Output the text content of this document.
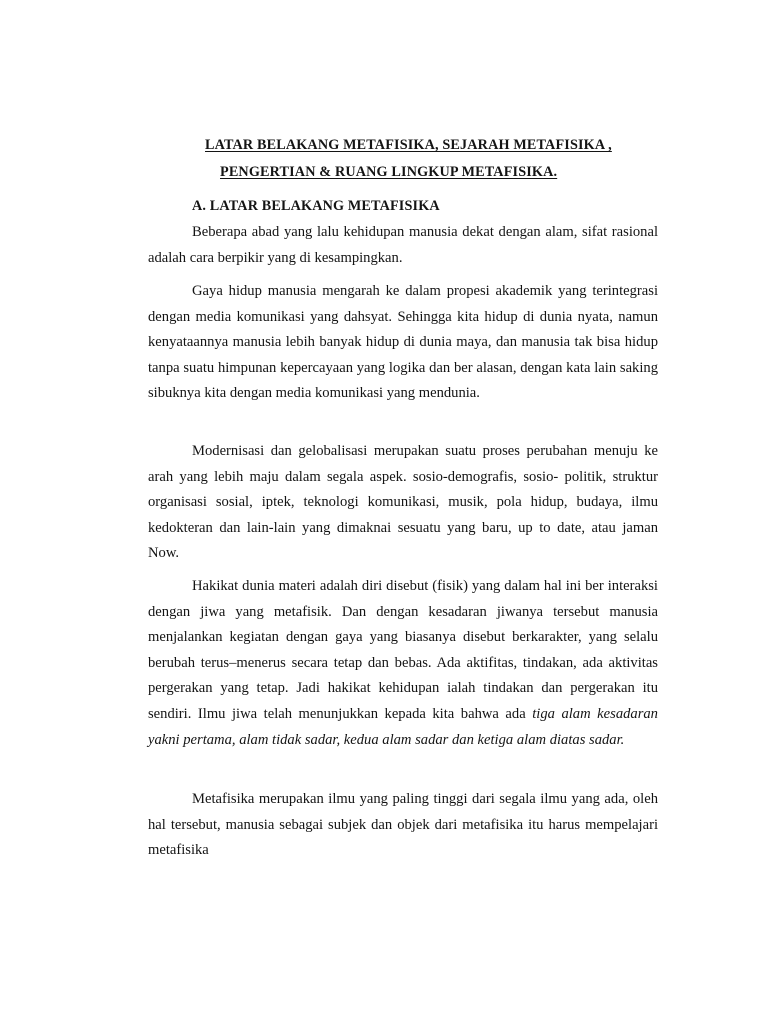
LATAR BELAKANG METAFISIKA, SEJARAH METAFISIKA ,
PENGERTIAN & RUANG LINGKUP METAFISIKA.
A. LATAR BELAKANG METAFISIKA

Beberapa abad yang lalu kehidupan manusia dekat dengan alam, sifat rasional adalah cara berpikir yang di kesampingkan.

Gaya hidup manusia mengarah ke dalam propesi akademik yang terintegrasi dengan media komunikasi yang dahsyat. Sehingga kita hidup di dunia nyata, namun kenyataannya manusia lebih banyak hidup di dunia maya, dan manusia tak bisa hidup tanpa suatu himpunan kepercayaan yang logika dan ber alasan, dengan kata lain saking sibuknya kita dengan media komunikasi yang mendunia.

Modernisasi dan gelobalisasi merupakan suatu proses perubahan menuju ke arah yang lebih maju dalam segala aspek. sosio-demografis, sosio- politik, struktur organisasi sosial, iptek, teknologi komunikasi, musik, pola hidup, budaya, ilmu kedokteran dan lain-lain yang dimaknai sesuatu yang baru, up to date, atau jaman Now.

Hakikat dunia materi adalah diri disebut (fisik) yang dalam hal ini ber interaksi dengan jiwa yang metafisik. Dan dengan kesadaran jiwanya tersebut manusia menjalankan kegiatan dengan gaya yang biasanya disebut berkarakter, yang selalu berubah terus–menerus secara tetap dan bebas. Ada aktifitas, tindakan, ada aktivitas pergerakan yang tetap. Jadi hakikat kehidupan ialah tindakan dan pergerakan itu sendiri. Ilmu jiwa telah menunjukkan kepada kita bahwa ada tiga alam kesadaran yakni pertama, alam tidak sadar, kedua alam sadar dan ketiga alam diatas sadar.

Metafisika merupakan ilmu yang paling tinggi dari segala ilmu yang ada, oleh hal tersebut, manusia sebagai subjek dan objek dari metafisika itu harus mempelajari metafisika
